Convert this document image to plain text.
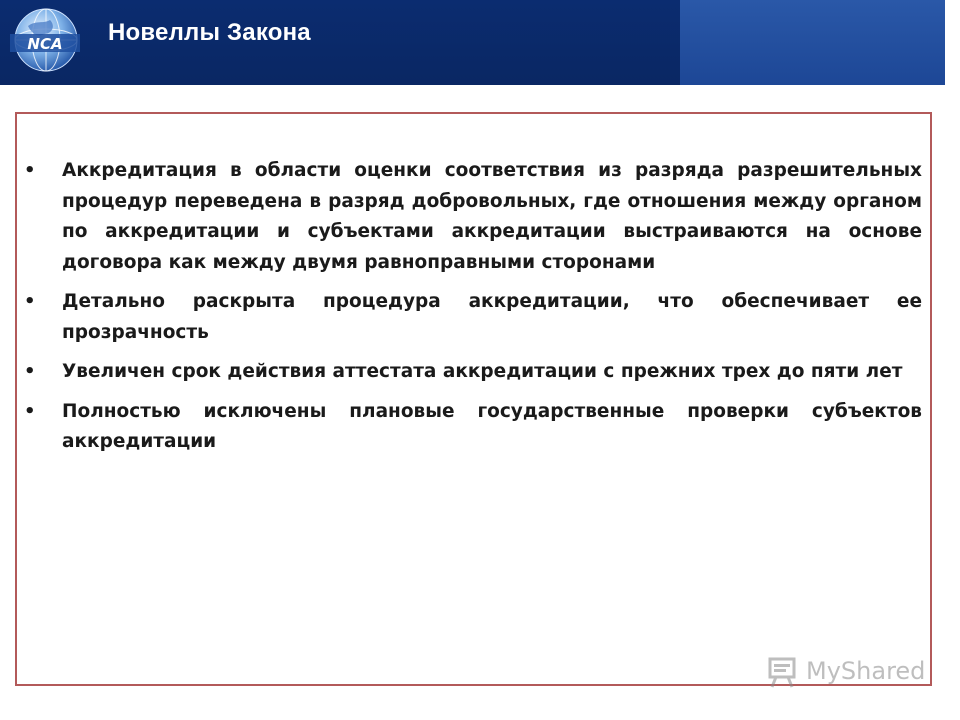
NCA Новеллы Закона
• Аккредитация в области оценки соответствия из разряда разрешительных процедур переведена в разряд добровольных, где отношения между органом по аккредитации и субъектами аккредитации выстраиваются на основе договора как между двумя равноправными сторонами
• Детально раскрыта процедура аккредитации, что обеспечивает ее прозрачность
• Увеличен срок действия аттестата аккредитации с прежних трех до пяти лет
• Полностью исключены плановые государственные проверки субъектов аккредитации
MyShared
